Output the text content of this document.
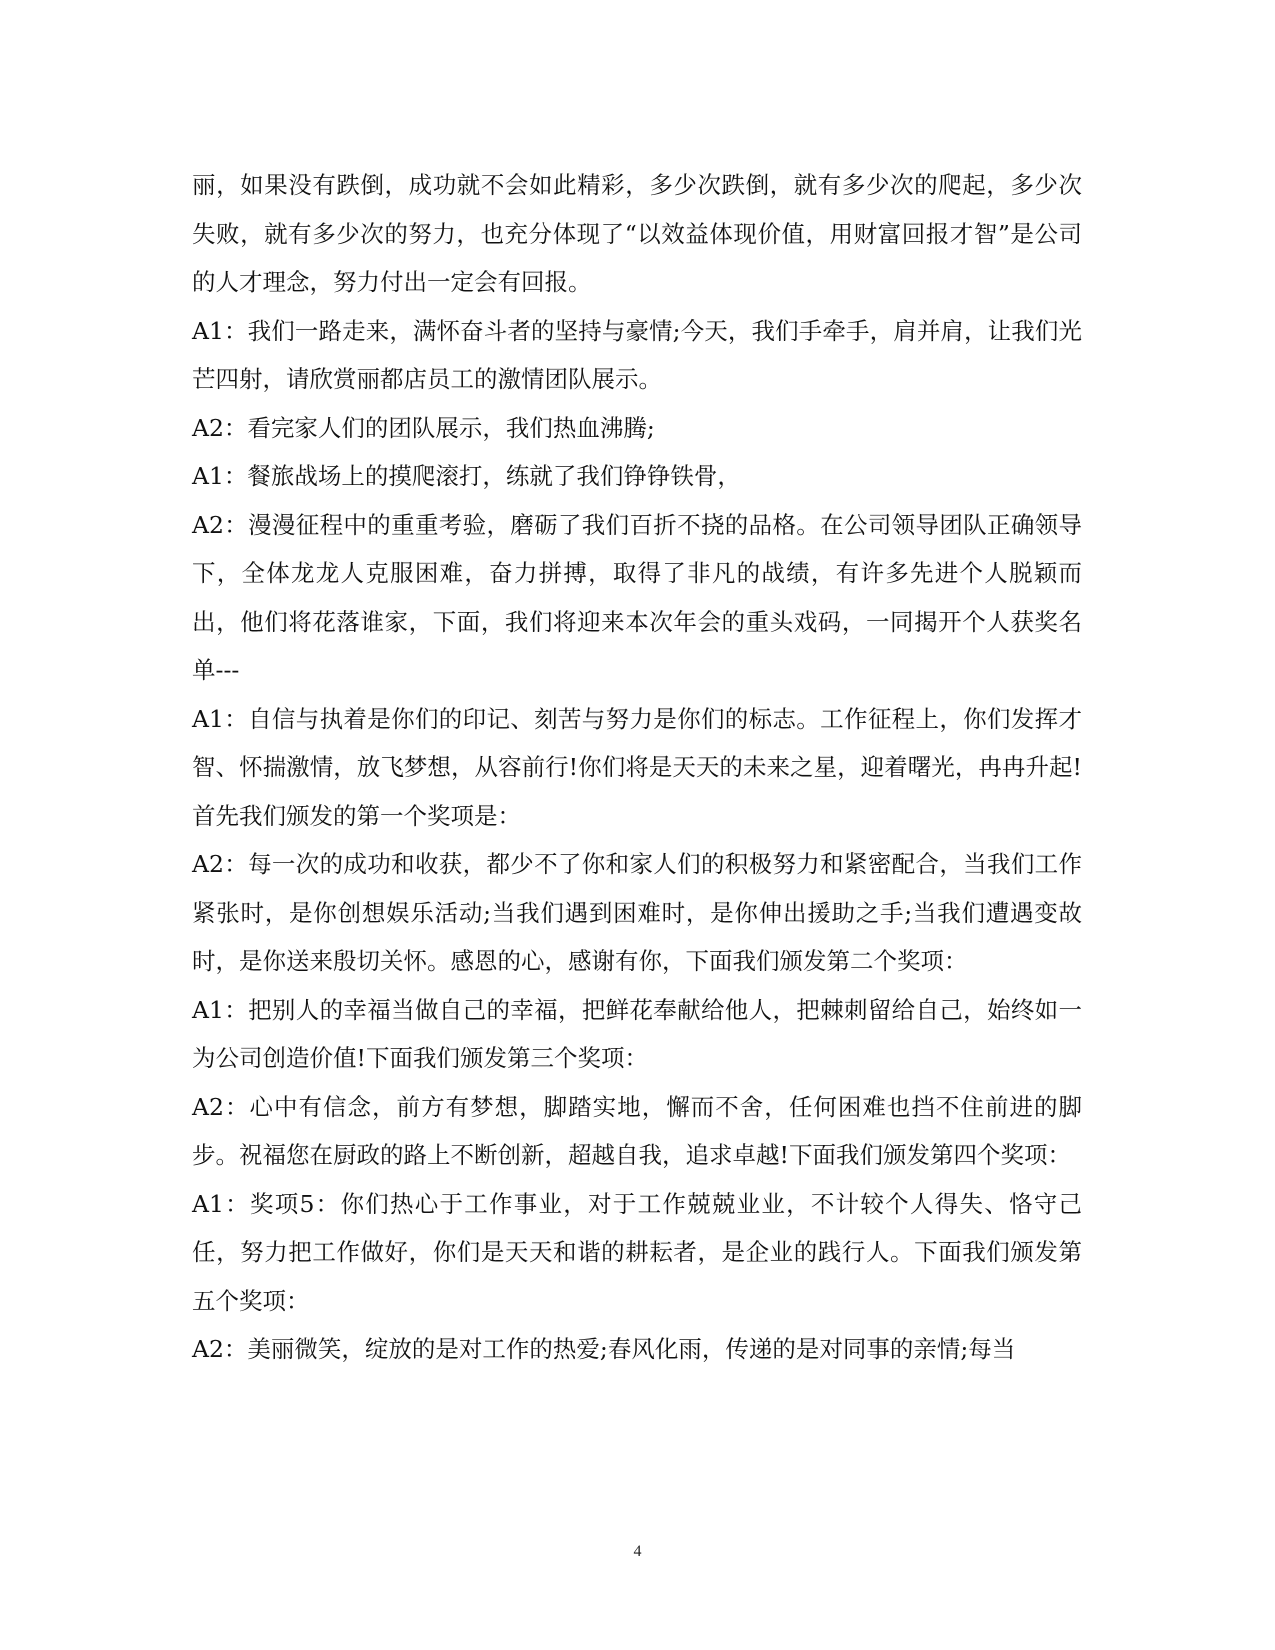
丽，如果没有跌倒，成功就不会如此精彩，多少次跌倒，就有多少次的爬起，多少次失败，就有多少次的努力，也充分体现了“以效益体现价值，用财富回报才智”是公司的人才理念，努力付出一定会有回报。

A1：我们一路走来，满怀奋斗者的坚持与豪情;今天，我们手牵手，肩并肩，让我们光芒四射，请欣赏丽都店员工的激情团队展示。

A2：看完家人们的团队展示，我们热血沸腾;

A1：餐旅战场上的摸爬滚打，练就了我们铮铮铁骨，

A2：漫漫征程中的重重考验，磨砺了我们百折不挠的品格。在公司领导团队正确领导下，全体龙龙人克服困难，奋力拼搏，取得了非凡的战绩，有许多先进个人脱颖而出，他们将花落谁家，下面，我们将迎来本次年会的重头戏码，一同揭开个人获奖名单---

A1：自信与执着是你们的印记、刻苦与努力是你们的标志。工作征程上，你们发挥才智、怀揣激情，放飞梦想，从容前行!你们将是天天的未来之星，迎着曙光，冉冉升起!首先我们颁发的第一个奖项是：

A2：每一次的成功和收获，都少不了你和家人们的积极努力和紧密配合，当我们工作紧张时，是你创想娱乐活动;当我们遇到困难时，是你伸出援助之手;当我们遭遇变故时，是你送来殷切关怀。感恩的心，感谢有你，下面我们颁发第二个奖项：

A1：把别人的幸福当做自己的幸福，把鲜花奉献给他人，把棘刺留给自己，始终如一为公司创造价值!下面我们颁发第三个奖项：

A2：心中有信念，前方有梦想，脚踏实地，懈而不舍，任何困难也挡不住前进的脚步。祝福您在厨政的路上不断创新，超越自我，追求卓越!下面我们颁发第四个奖项：

A1：奖项5：你们热心于工作事业，对于工作兢兢业业，不计较个人得失、恪守己任，努力把工作做好，你们是天天和谐的耕耘者，是企业的践行人。下面我们颁发第五个奖项：

A2：美丽微笑，绽放的是对工作的热爱;春风化雨，传递的是对同事的亲情;每当

4
